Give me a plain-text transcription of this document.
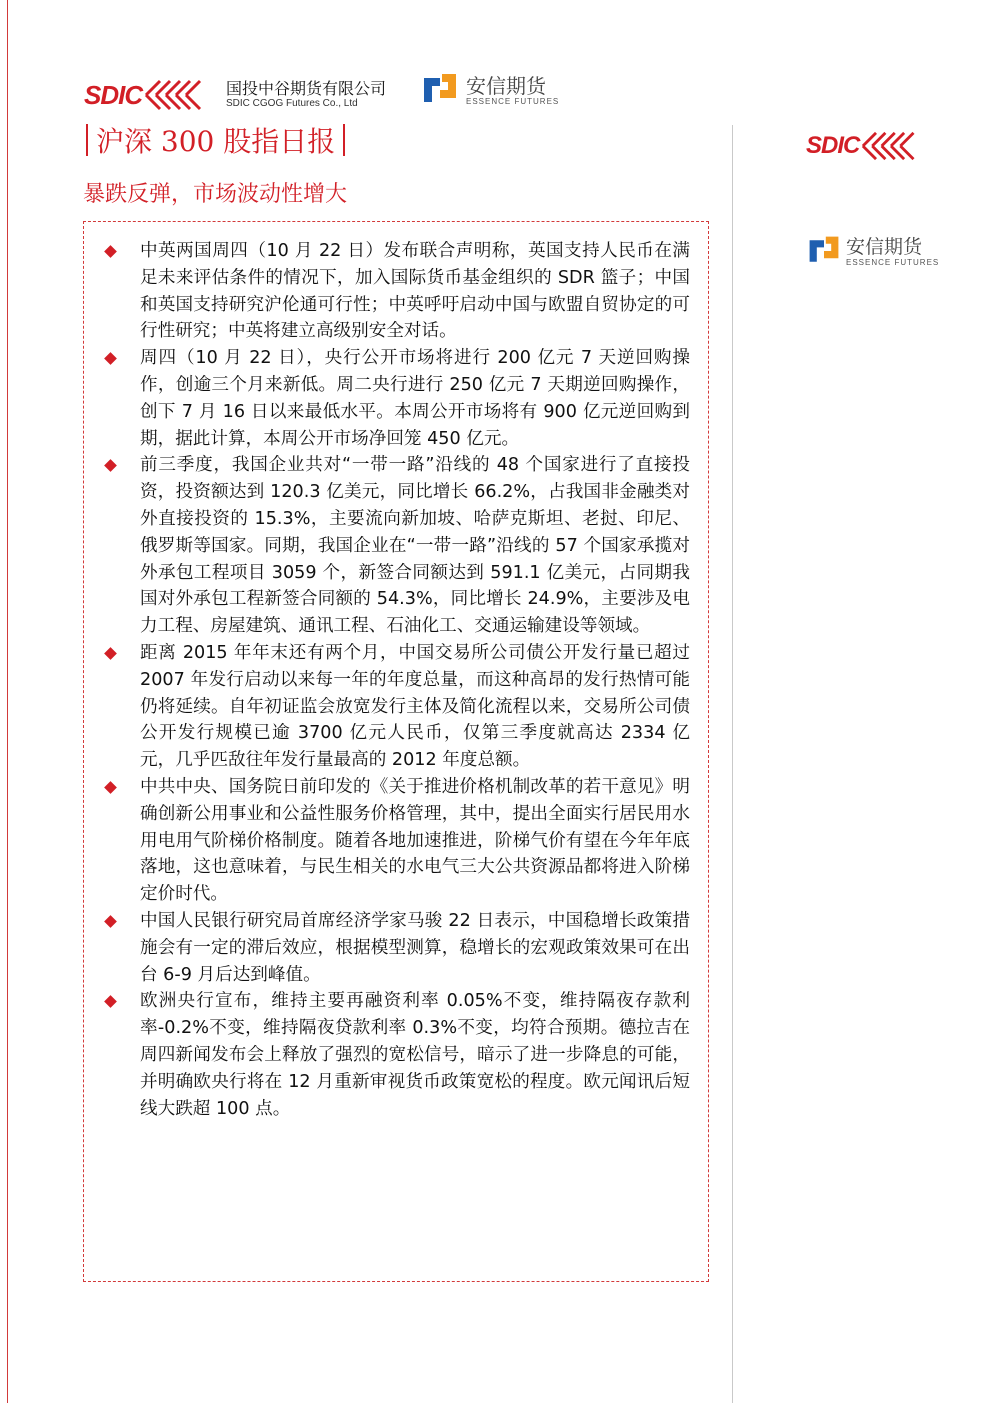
SDIC	国投中谷期货有限公司
SDIC CGOG Futures Co., Ltd
安信期货
ESSENCE FUTURES
SDIC
安信期货
ESSENCE FUTURES
沪深 300 股指日报
暴跌反弹，市场波动性增大
中英两国周四（10 月 22 日）发布联合声明称，英国支持人民币在满足未来评估条件的情况下，加入国际货币基金组织的 SDR 篮子；中国和英国支持研究沪伦通可行性；中英呼吁启动中国与欧盟自贸协定的可行性研究；中英将建立高级别安全对话。
周四（10 月 22 日），央行公开市场将进行 200 亿元 7 天逆回购操作，创逾三个月来新低。周二央行进行 250 亿元 7 天期逆回购操作，创下 7 月 16 日以来最低水平。本周公开市场将有 900 亿元逆回购到期，据此计算，本周公开市场净回笼 450 亿元。
前三季度，我国企业共对“一带一路”沿线的 48 个国家进行了直接投资，投资额达到 120.3 亿美元，同比增长 66.2%，占我国非金融类对外直接投资的 15.3%，主要流向新加坡、哈萨克斯坦、老挝、印尼、俄罗斯等国家。同期，我国企业在“一带一路”沿线的 57 个国家承揽对外承包工程项目 3059 个，新签合同额达到 591.1 亿美元，占同期我国对外承包工程新签合同额的 54.3%，同比增长 24.9%，主要涉及电力工程、房屋建筑、通讯工程、石油化工、交通运输建设等领域。
距离 2015 年年末还有两个月，中国交易所公司债公开发行量已超过 2007 年发行启动以来每一年的年度总量，而这种高昂的发行热情可能仍将延续。自年初证监会放宽发行主体及简化流程以来，交易所公司债公开发行规模已逾 3700 亿元人民币，仅第三季度就高达 2334 亿元，几乎匹敌往年发行量最高的 2012 年度总额。
中共中央、国务院日前印发的《关于推进价格机制改革的若干意见》明确创新公用事业和公益性服务价格管理，其中，提出全面实行居民用水用电用气阶梯价格制度。随着各地加速推进，阶梯气价有望在今年年底落地，这也意味着，与民生相关的水电气三大公共资源品都将进入阶梯定价时代。
中国人民银行研究局首席经济学家马骏 22 日表示，中国稳增长政策措施会有一定的滞后效应，根据模型测算，稳增长的宏观政策效果可在出台 6-9 月后达到峰值。
欧洲央行宣布，维持主要再融资利率 0.05%不变，维持隔夜存款利率-0.2%不变，维持隔夜贷款利率 0.3%不变，均符合预期。德拉吉在周四新闻发布会上释放了强烈的宽松信号，暗示了进一步降息的可能，并明确欧央行将在 12 月重新审视货币政策宽松的程度。欧元闻讯后短线大跌超 100 点。
